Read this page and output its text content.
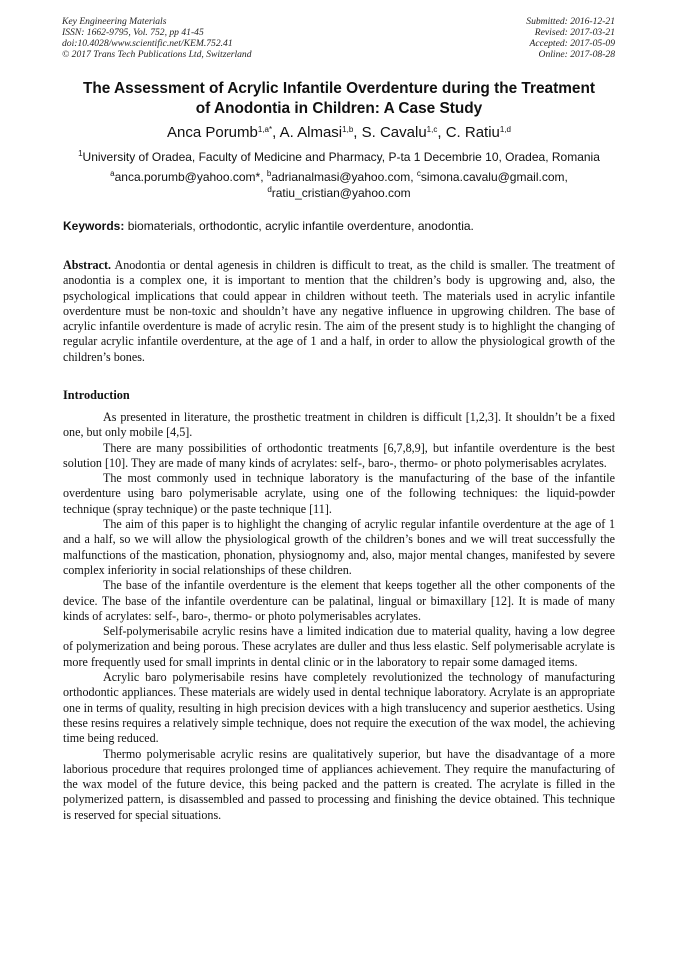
Key Engineering Materials
ISSN: 1662-9795, Vol. 752, pp 41-45
doi:10.4028/www.scientific.net/KEM.752.41
© 2017 Trans Tech Publications Ltd, Switzerland
Submitted: 2016-12-21
Revised: 2017-03-21
Accepted: 2017-05-09
Online: 2017-08-28
The Assessment of Acrylic Infantile Overdenture during the Treatment
of Anodontia in Children: A Case Study
Anca Porumb$^{1,a*}$, A. Almasi$^{1,b}$, S. Cavalu$^{1,c}$, C. Ratiu$^{1,d}$
$^1$University of Oradea, Faculty of Medicine and Pharmacy, P-ta 1 Decembrie 10, Oradea, Romania
$^a$anca.porumb@yahoo.com*, $^b$adrianalmasi@yahoo.com, $^c$simona.cavalu@gmail.com,
$^d$ratiu_cristian@yahoo.com
Keywords: biomaterials, orthodontic, acrylic infantile overdenture, anodontia.
Abstract. Anodontia or dental agenesis in children is difficult to treat, as the child is smaller. The treatment of anodontia is a complex one, it is important to mention that the children’s body is upgrowing and, also, the psychological implications that could appear in children without teeth. The materials used in acrylic infantile overdenture must be non-toxic and shouldn’t have any negative influence in upgrowing children. The base of acrylic infantile overdenture is made of acrylic resin. The aim of the present study is to highlight the changing of regular acrylic infantile overdenture, at the age of 1 and a half, in order to allow the physiological growth of the children’s bones.
Introduction

As presented in literature, the prosthetic treatment in children is difficult [1,2,3]. It shouldn’t be a fixed one, but only mobile [4,5].

There are many possibilities of orthodontic treatments [6,7,8,9], but infantile overdenture is the best solution [10]. They are made of many kinds of acrylates: self-, baro-, thermo- or photo polymerisables acrylates.

The most commonly used in technique laboratory is the manufacturing of the base of the infantile overdenture using baro polymerisable acrylate, using one of the following techniques: the liquid-powder technique (spray technique) or the paste technique [11].

The aim of this paper is to highlight the changing of acrylic regular infantile overdenture at the age of 1 and a half, so we will allow the physiological growth of the children’s bones and we will treat successfully the malfunctions of the mastication, phonation, physiognomy and, also, major mental changes, manifested by severe complex inferiority in social relationships of these children.

The base of the infantile overdenture is the element that keeps together all the other components of the device. The base of the infantile overdenture can be palatinal, lingual or bimaxillary [12]. It is made of many kinds of acrylates: self-, baro-, thermo- or photo polymerisables acrylates.

Self-polymerisabile acrylic resins have a limited indication due to material quality, having a low degree of polymerization and being porous. These acrylates are duller and thus less elastic. Self polymerisable acrylate is more frequently used for small imprints in dental clinic or in the laboratory to repair some damaged items.

Acrylic baro polymerisabile resins have completely revolutionized the technology of manufacturing orthodontic appliances. These materials are widely used in dental technique laboratory. Acrylate is an appropriate one in terms of quality, resulting in high precision devices with a high translucency and superior aesthetics. Using these resins requires a relatively simple technique, does not require the execution of the wax model, the achieving time being reduced.

Thermo polymerisable acrylic resins are qualitatively superior, but have the disadvantage of a more laborious procedure that requires prolonged time of appliances achievement. They require the manufacturing of the wax model of the future device, this being packed and the pattern is created. The acrylate is filled in the polymerized pattern, is disassembled and passed to processing and finishing the device obtained. This technique is reserved for special situations.
